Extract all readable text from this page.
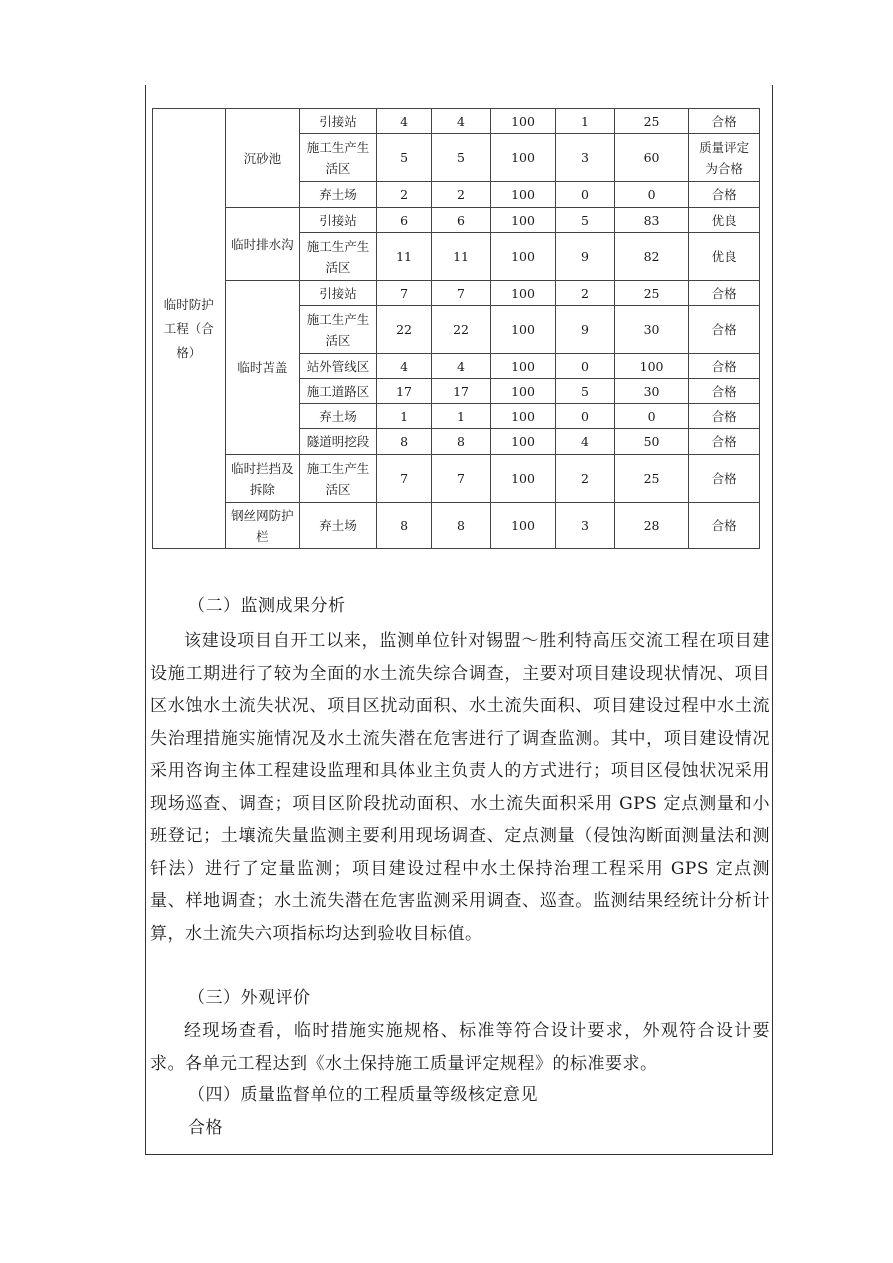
临时防护工程（合格）	沉砂池	引接站	4	4	100	1	25	合格
		施工生产生活区	5	5	100	3	60	质量评定为合格
		弃土场	2	2	100	0	0	合格
	临时排水沟	引接站	6	6	100	5	83	优良
		施工生产生活区	11	11	100	9	82	优良
	临时苫盖	引接站	7	7	100	2	25	合格
		施工生产生活区	22	22	100	9	30	合格
		站外管线区	4	4	100	0	100	合格
		施工道路区	17	17	100	5	30	合格
		弃土场	1	1	100	0	0	合格
		隧道明挖段	8	8	100	4	50	合格
	临时拦挡及拆除	施工生产生活区	7	7	100	2	25	合格
	钢丝网防护栏	弃土场	8	8	100	3	28	合格
（二）监测成果分析
该建设项目自开工以来，监测单位针对锡盟～胜利特高压交流工程在项目建设施工期进行了较为全面的水土流失综合调查，主要对项目建设现状情况、项目区水蚀水土流失状况、项目区扰动面积、水土流失面积、项目建设过程中水土流失治理措施实施情况及水土流失潜在危害进行了调查监测。其中，项目建设情况采用咨询主体工程建设监理和具体业主负责人的方式进行；项目区侵蚀状况采用现场巡查、调查；项目区阶段扰动面积、水土流失面积采用 GPS 定点测量和小班登记；土壤流失量监测主要利用现场调查、定点测量（侵蚀沟断面测量法和测钎法）进行了定量监测；项目建设过程中水土保持治理工程采用 GPS 定点测量、样地调查；水土流失潜在危害监测采用调查、巡查。监测结果经统计分析计算，水土流失六项指标均达到验收目标值。
（三）外观评价
经现场查看，临时措施实施规格、标准等符合设计要求，外观符合设计要求。各单元工程达到《水土保持施工质量评定规程》的标准要求。
（四）质量监督单位的工程质量等级核定意见
合格
